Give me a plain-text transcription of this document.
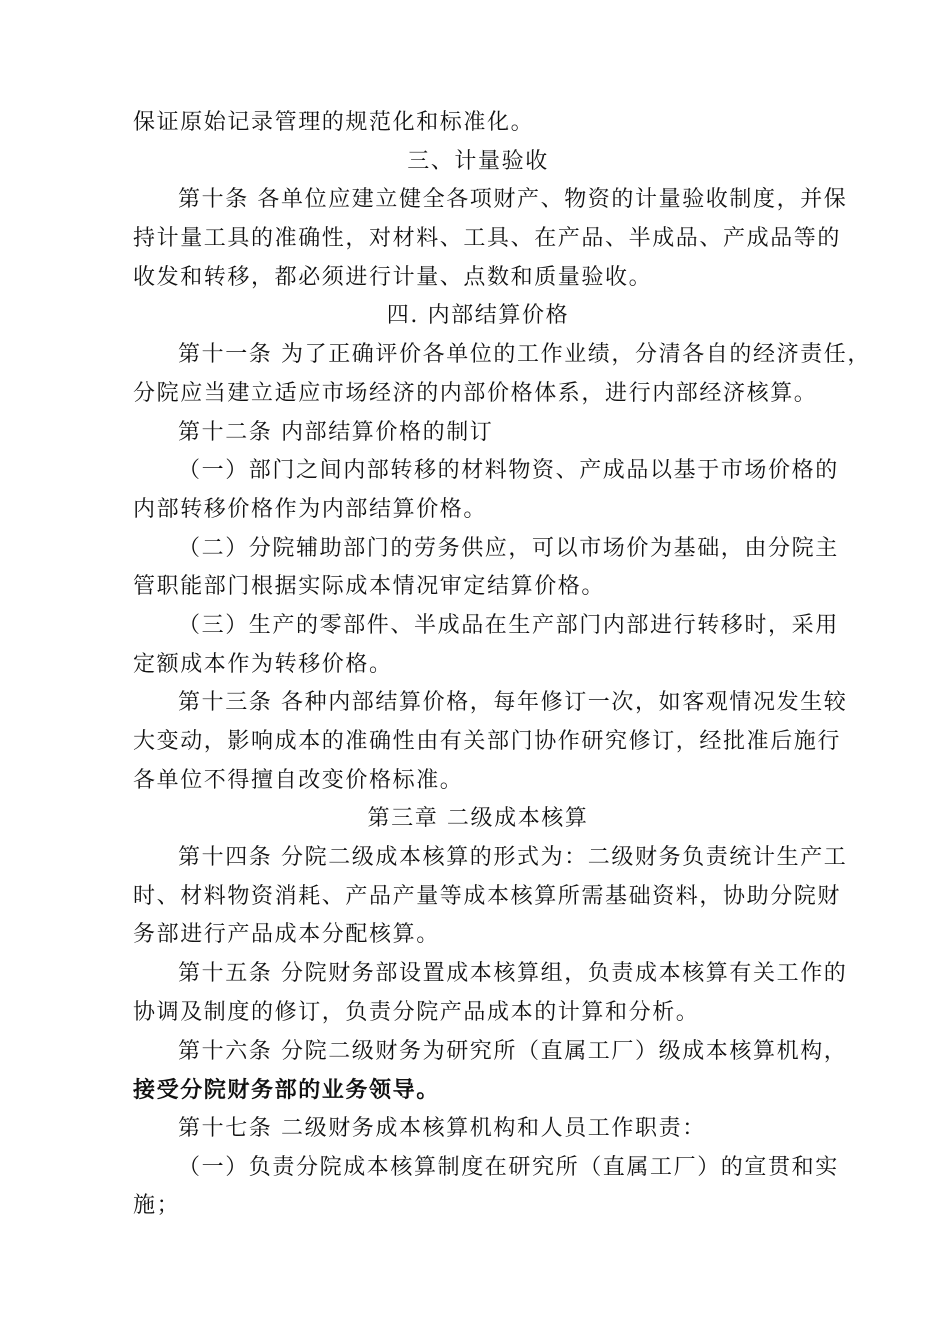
保证原始记录管理的规范化和标准化。
三、计量验收
第十条 各单位应建立健全各项财产、物资的计量验收制度，并保
持计量工具的准确性，对材料、工具、在产品、半成品、产成品等的
收发和转移，都必须进行计量、点数和质量验收。
四. 内部结算价格
第十一条 为了正确评价各单位的工作业绩，分清各自的经济责任，
分院应当建立适应市场经济的内部价格体系，进行内部经济核算。
第十二条 内部结算价格的制订
（一）部门之间内部转移的材料物资、产成品以基于市场价格的
内部转移价格作为内部结算价格。
（二）分院辅助部门的劳务供应，可以市场价为基础，由分院主
管职能部门根据实际成本情况审定结算价格。
（三）生产的零部件、半成品在生产部门内部进行转移时，采用
定额成本作为转移价格。
第十三条 各种内部结算价格，每年修订一次，如客观情况发生较
大变动，影响成本的准确性由有关部门协作研究修订，经批准后施行
各单位不得擅自改变价格标准。
第三章 二级成本核算
第十四条 分院二级成本核算的形式为：二级财务负责统计生产工
时、材料物资消耗、产品产量等成本核算所需基础资料，协助分院财
务部进行产品成本分配核算。
第十五条 分院财务部设置成本核算组，负责成本核算有关工作的
协调及制度的修订，负责分院产品成本的计算和分析。
第十六条 分院二级财务为研究所（直属工厂）级成本核算机构，
接受分院财务部的业务领导。
第十七条 二级财务成本核算机构和人员工作职责：
（一）负责分院成本核算制度在研究所（直属工厂）的宣贯和实
施；
